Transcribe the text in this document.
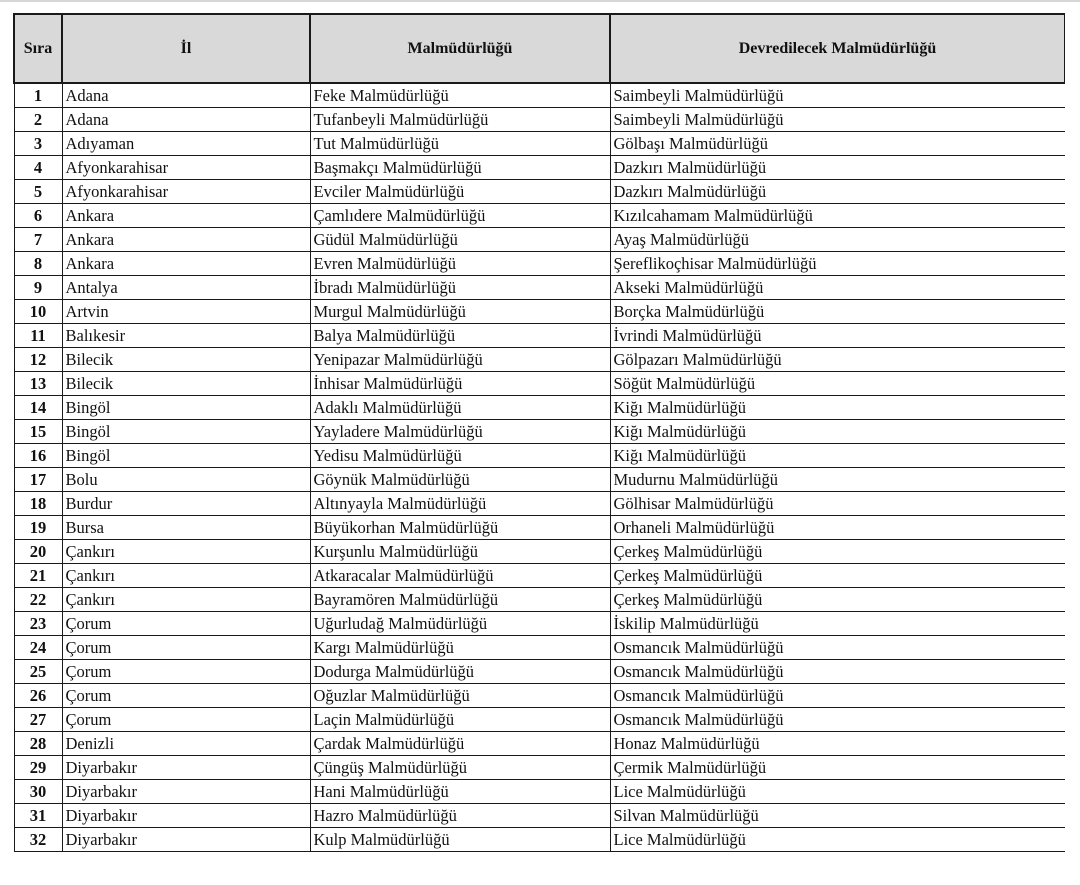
Sıra	İl	Malmüdürlüğü	Devredilecek Malmüdürlüğü
1	Adana	Feke Malmüdürlüğü	Saimbeyli Malmüdürlüğü
2	Adana	Tufanbeyli Malmüdürlüğü	Saimbeyli Malmüdürlüğü
3	Adıyaman	Tut Malmüdürlüğü	Gölbaşı Malmüdürlüğü
4	Afyonkarahisar	Başmakçı Malmüdürlüğü	Dazkırı Malmüdürlüğü
5	Afyonkarahisar	Evciler Malmüdürlüğü	Dazkırı Malmüdürlüğü
6	Ankara	Çamlıdere Malmüdürlüğü	Kızılcahamam Malmüdürlüğü
7	Ankara	Güdül Malmüdürlüğü	Ayaş Malmüdürlüğü
8	Ankara	Evren Malmüdürlüğü	Şereflikoçhisar Malmüdürlüğü
9	Antalya	İbradı Malmüdürlüğü	Akseki Malmüdürlüğü
10	Artvin	Murgul Malmüdürlüğü	Borçka Malmüdürlüğü
11	Balıkesir	Balya Malmüdürlüğü	İvrindi Malmüdürlüğü
12	Bilecik	Yenipazar Malmüdürlüğü	Gölpazarı Malmüdürlüğü
13	Bilecik	İnhisar Malmüdürlüğü	Söğüt Malmüdürlüğü
14	Bingöl	Adaklı Malmüdürlüğü	Kiğı Malmüdürlüğü
15	Bingöl	Yayladere Malmüdürlüğü	Kiğı Malmüdürlüğü
16	Bingöl	Yedisu Malmüdürlüğü	Kiğı Malmüdürlüğü
17	Bolu	Göynük Malmüdürlüğü	Mudurnu Malmüdürlüğü
18	Burdur	Altınyayla Malmüdürlüğü	Gölhisar Malmüdürlüğü
19	Bursa	Büyükorhan Malmüdürlüğü	Orhaneli Malmüdürlüğü
20	Çankırı	Kurşunlu Malmüdürlüğü	Çerkeş Malmüdürlüğü
21	Çankırı	Atkaracalar Malmüdürlüğü	Çerkeş Malmüdürlüğü
22	Çankırı	Bayramören Malmüdürlüğü	Çerkeş Malmüdürlüğü
23	Çorum	Uğurludağ Malmüdürlüğü	İskilip Malmüdürlüğü
24	Çorum	Kargı Malmüdürlüğü	Osmancık Malmüdürlüğü
25	Çorum	Dodurga Malmüdürlüğü	Osmancık Malmüdürlüğü
26	Çorum	Oğuzlar Malmüdürlüğü	Osmancık Malmüdürlüğü
27	Çorum	Laçin Malmüdürlüğü	Osmancık Malmüdürlüğü
28	Denizli	Çardak Malmüdürlüğü	Honaz Malmüdürlüğü
29	Diyarbakır	Çüngüş Malmüdürlüğü	Çermik Malmüdürlüğü
30	Diyarbakır	Hani Malmüdürlüğü	Lice Malmüdürlüğü
31	Diyarbakır	Hazro Malmüdürlüğü	Silvan Malmüdürlüğü
32	Diyarbakır	Kulp Malmüdürlüğü	Lice Malmüdürlüğü
